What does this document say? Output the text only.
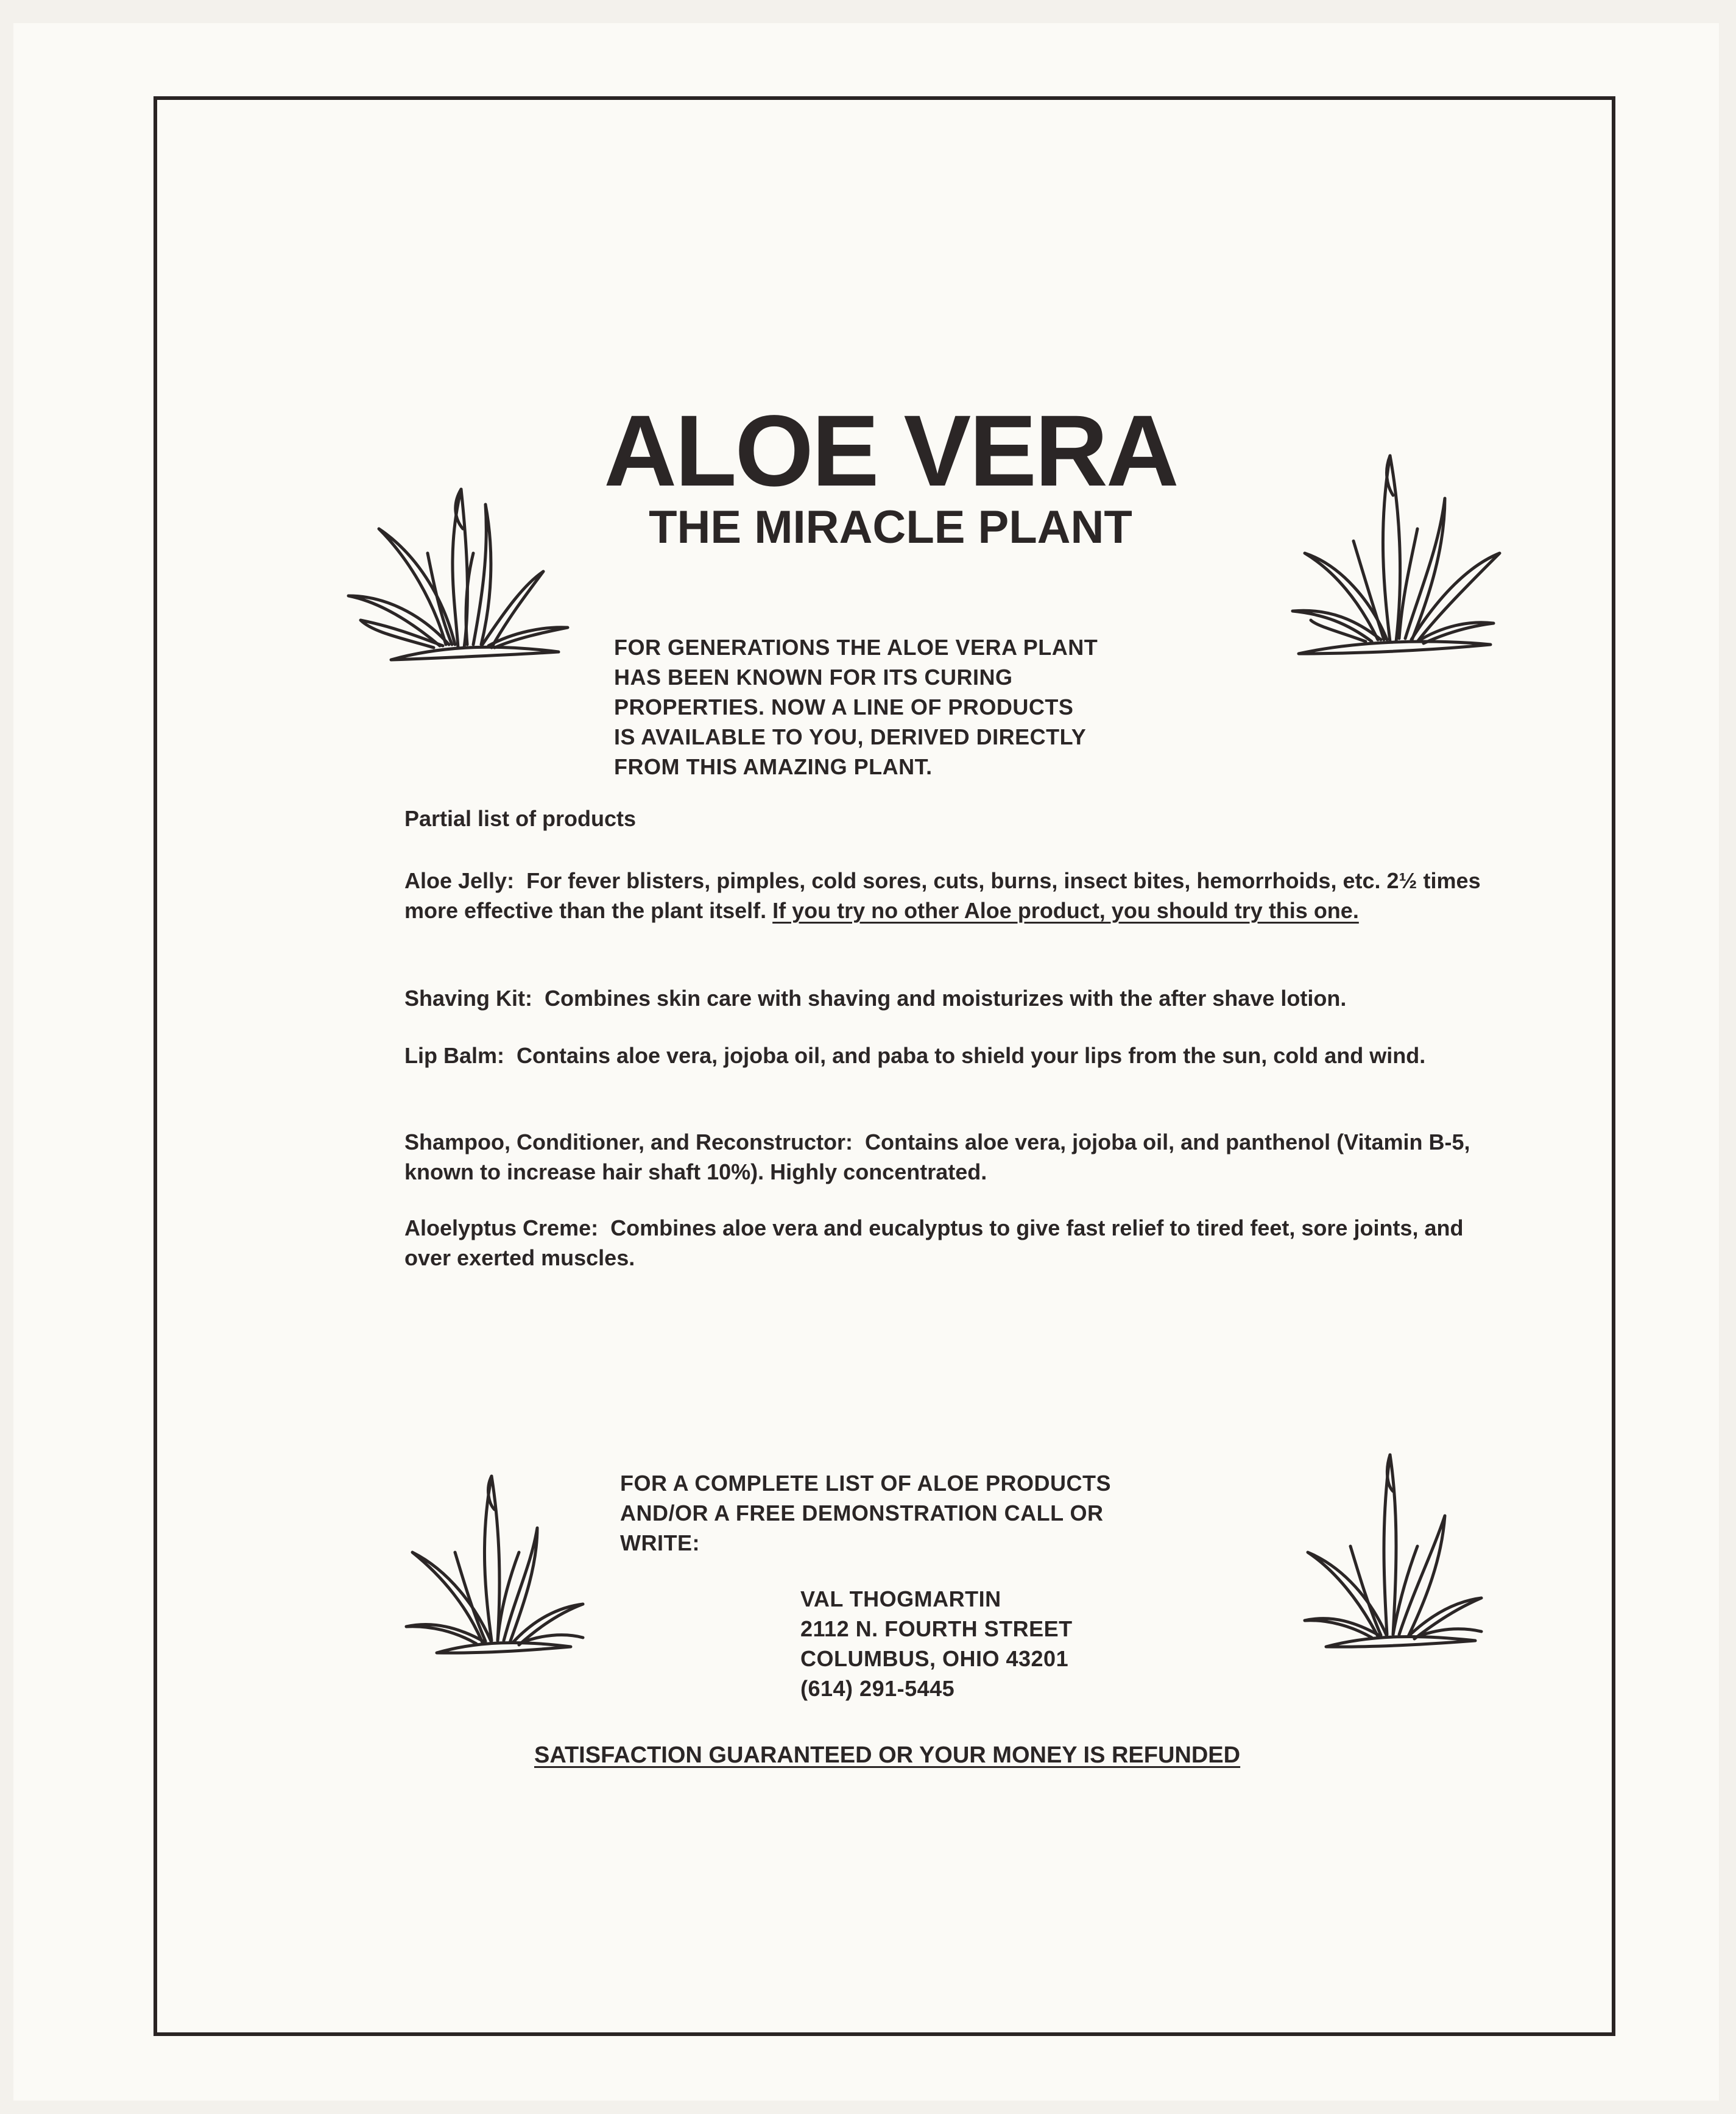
ALOE VERA
THE MIRACLE PLANT
FOR GENERATIONS THE ALOE VERA PLANT
HAS BEEN KNOWN FOR ITS CURING
PROPERTIES. NOW A LINE OF PRODUCTS
IS AVAILABLE TO YOU, DERIVED DIRECTLY
FROM THIS AMAZING PLANT.
Partial list of products
Aloe Jelly : For fever blisters, pimples, cold sores, cuts, burns, insect bites, hemorrhoids, etc. 2½ times more effective than the plant itself. If you try no other Aloe product, you should try this one.
Shaving Kit : Combines skin care with shaving and moisturizes with the after shave lotion.
Lip Balm : Contains aloe vera, jojoba oil, and paba to shield your lips from the sun, cold and wind.
Shampoo, Conditioner, and Reconstructor : Contains aloe vera, jojoba oil, and panthenol (Vitamin B-5, known to increase hair shaft 10%). Highly concentrated.
Aloelyptus Creme : Combines aloe vera and eucalyptus to give fast relief to tired feet, sore joints, and over exerted muscles.
FOR A COMPLETE LIST OF ALOE PRODUCTS
AND/OR A FREE DEMONSTRATION CALL OR
WRITE:
VAL THOGMARTIN
2112 N. FOURTH STREET
COLUMBUS, OHIO 43201
(614) 291-5445
SATISFACTION GUARANTEED OR YOUR MONEY IS REFUNDED
